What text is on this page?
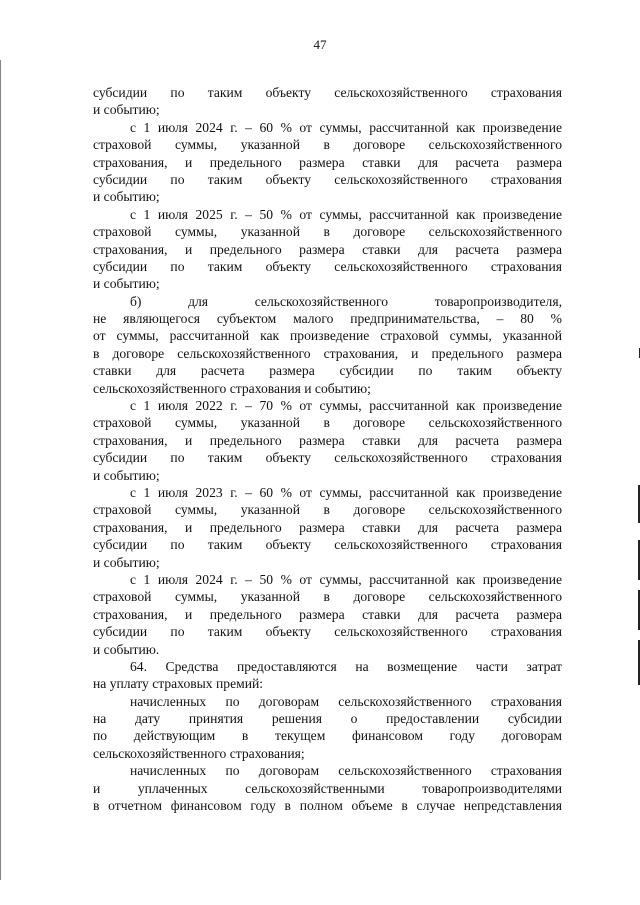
47
субсидии по таким объекту сельскохозяйственного страхования
и событию;
с 1 июля 2024 г. – 60 % от суммы, рассчитанной как произведение
страховой суммы, указанной в договоре сельскохозяйственного
страхования, и предельного размера ставки для расчета размера
субсидии по таким объекту сельскохозяйственного страхования
и событию;
с 1 июля 2025 г. – 50 % от суммы, рассчитанной как произведение
страховой суммы, указанной в договоре сельскохозяйственного
страхования, и предельного размера ставки для расчета размера
субсидии по таким объекту сельскохозяйственного страхования
и событию;
б) для сельскохозяйственного товаропроизводителя,
не являющегося субъектом малого предпринимательства, – 80 %
от суммы, рассчитанной как произведение страховой суммы, указанной
в договоре сельскохозяйственного страхования, и предельного размера
ставки для расчета размера субсидии по таким объекту
сельскохозяйственного страхования и событию;
с 1 июля 2022 г. – 70 % от суммы, рассчитанной как произведение
страховой суммы, указанной в договоре сельскохозяйственного
страхования, и предельного размера ставки для расчета размера
субсидии по таким объекту сельскохозяйственного страхования
и событию;
с 1 июля 2023 г. – 60 % от суммы, рассчитанной как произведение
страховой суммы, указанной в договоре сельскохозяйственного
страхования, и предельного размера ставки для расчета размера
субсидии по таким объекту сельскохозяйственного страхования
и событию;
с 1 июля 2024 г. – 50 % от суммы, рассчитанной как произведение
страховой суммы, указанной в договоре сельскохозяйственного
страхования, и предельного размера ставки для расчета размера
субсидии по таким объекту сельскохозяйственного страхования
и событию.
64. Средства предоставляются на возмещение части затрат
на уплату страховых премий:
начисленных по договорам сельскохозяйственного страхования
на дату принятия решения о предоставлении субсидии
по действующим в текущем финансовом году договорам
сельскохозяйственного страхования;
начисленных по договорам сельскохозяйственного страхования
и уплаченных сельскохозяйственными товаропроизводителями
в отчетном финансовом году в полном объеме в случае непредставления
